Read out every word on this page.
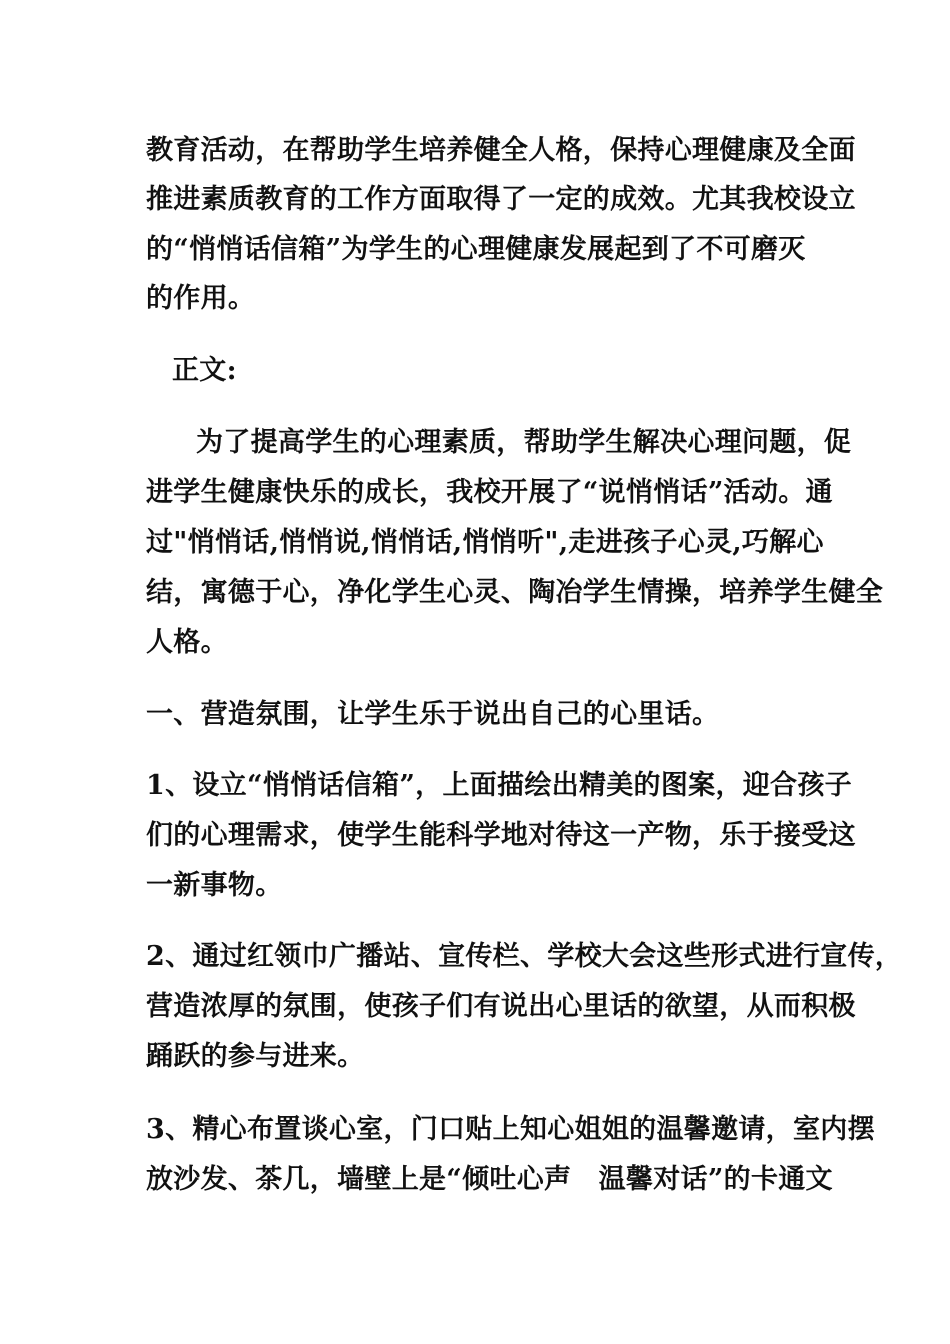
教育活动，在帮助学生培养健全人格，保持心理健康及全面
推进素质教育的工作方面取得了一定的成效。尤其我校设立
的“悄悄话信箱”为学生的心理健康发展起到了不可磨灭
的作用。
正文:
为了提高学生的心理素质，帮助学生解决心理问题，促
进学生健康快乐的成长，我校开展了“说悄悄话”活动。通
过"悄悄话,悄悄说,悄悄话,悄悄听",走进孩子心灵,巧解心
结，寓德于心，净化学生心灵、陶冶学生情操，培养学生健全
人格。
一、营造氛围，让学生乐于说出自己的心里话。
1、设立“悄悄话信箱”，上面描绘出精美的图案，迎合孩子
们的心理需求，使学生能科学地对待这一产物，乐于接受这
一新事物。
2、通过红领巾广播站、宣传栏、学校大会这些形式进行宣传，
营造浓厚的氛围，使孩子们有说出心里话的欲望，从而积极
踊跃的参与进来。
3、精心布置谈心室，门口贴上知心姐姐的温馨邀请，室内摆
放沙发、茶几，墙壁上是“倾吐心声　温馨对话”的卡通文
